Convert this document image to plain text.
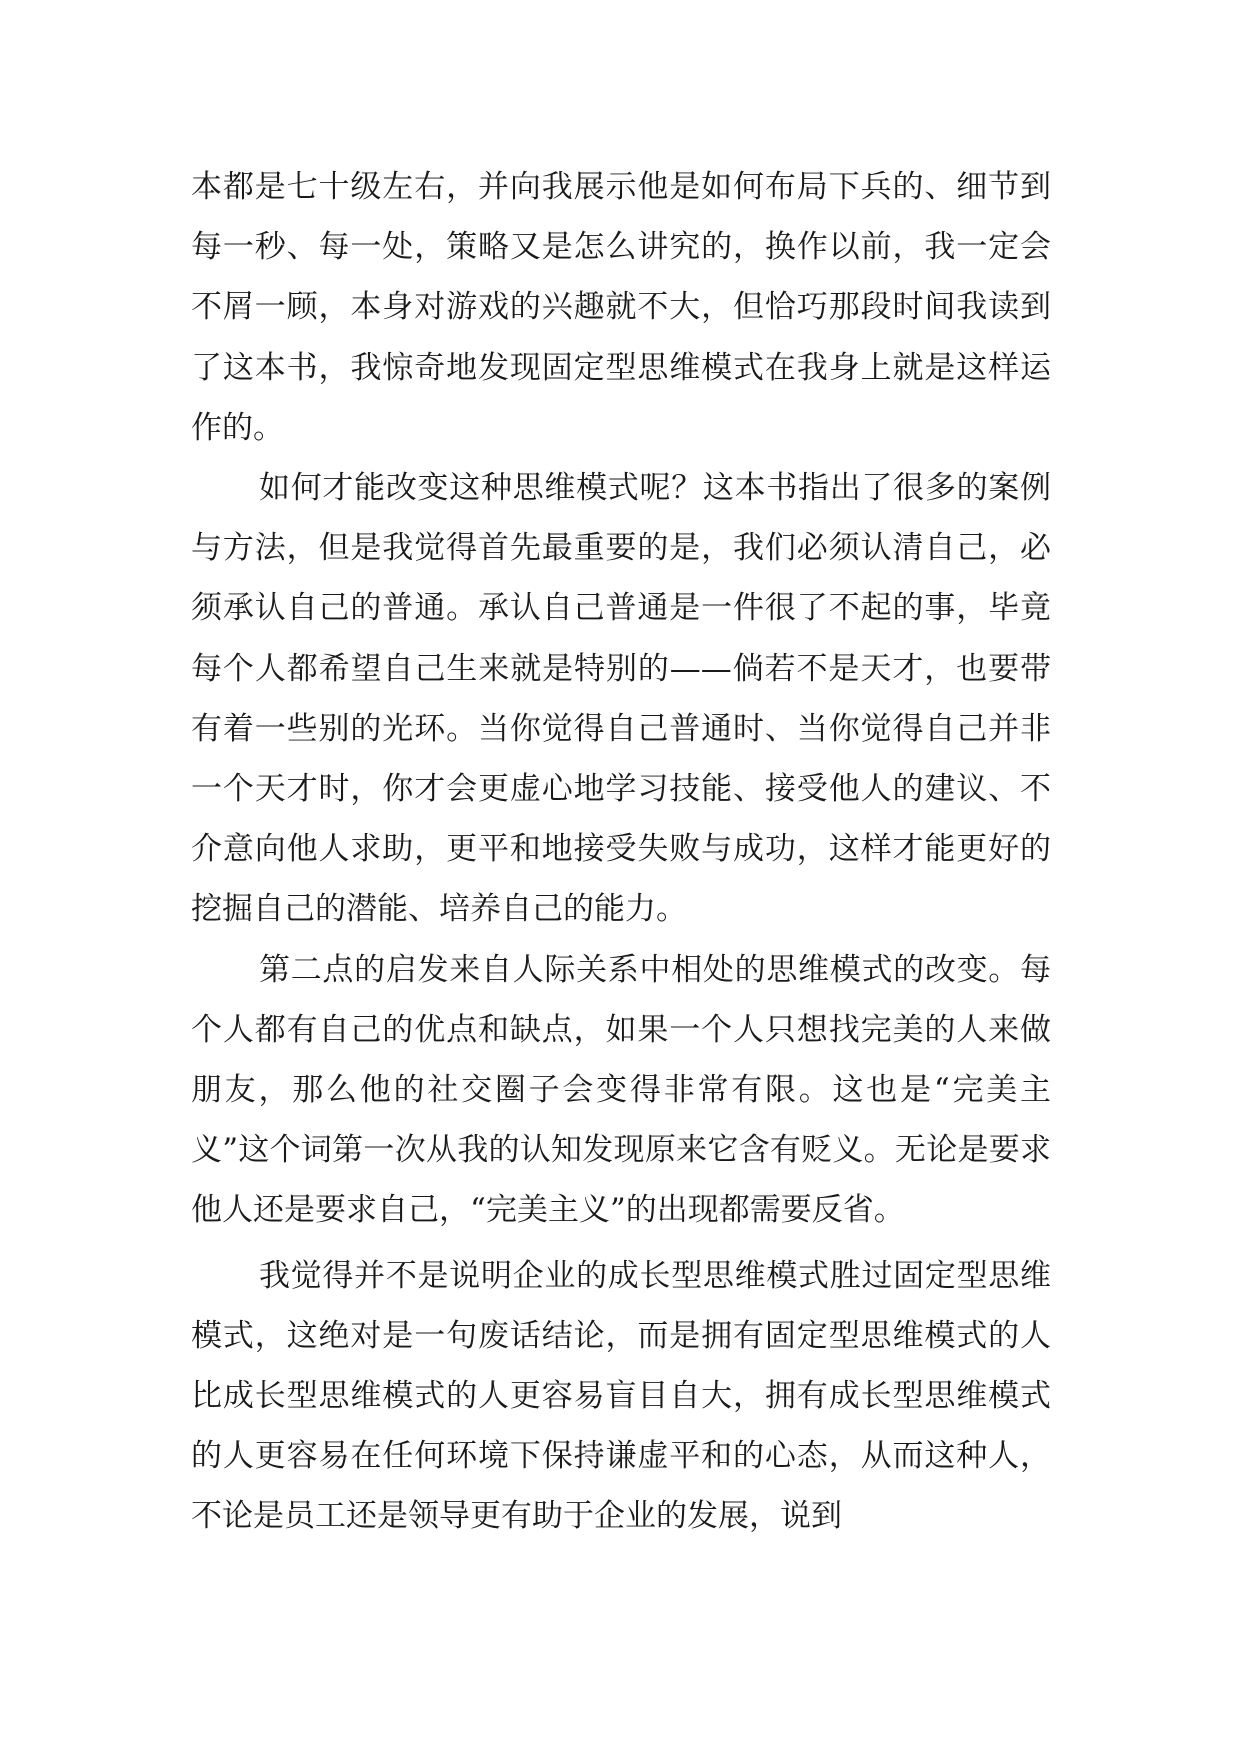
本都是七十级左右，并向我展示他是如何布局下兵的、细节到每一秒、每一处，策略又是怎么讲究的，换作以前，我一定会不屑一顾，本身对游戏的兴趣就不大，但恰巧那段时间我读到了这本书，我惊奇地发现固定型思维模式在我身上就是这样运作的。

如何才能改变这种思维模式呢？这本书指出了很多的案例与方法，但是我觉得首先最重要的是，我们必须认清自己，必须承认自己的普通。承认自己普通是一件很了不起的事，毕竟每个人都希望自己生来就是特别的——倘若不是天才，也要带有着一些别的光环。当你觉得自己普通时、当你觉得自己并非一个天才时，你才会更虚心地学习技能、接受他人的建议、不介意向他人求助，更平和地接受失败与成功，这样才能更好的挖掘自己的潜能、培养自己的能力。

第二点的启发来自人际关系中相处的思维模式的改变。每个人都有自己的优点和缺点，如果一个人只想找完美的人来做朋友，那么他的社交圈子会变得非常有限。这也是“完美主义”这个词第一次从我的认知发现原来它含有贬义。无论是要求他人还是要求自己，“完美主义”的出现都需要反省。

我觉得并不是说明企业的成长型思维模式胜过固定型思维模式，这绝对是一句废话结论，而是拥有固定型思维模式的人比成长型思维模式的人更容易盲目自大，拥有成长型思维模式的人更容易在任何环境下保持谦虚平和的心态，从而这种人，不论是员工还是领导更有助于企业的发展，说到
